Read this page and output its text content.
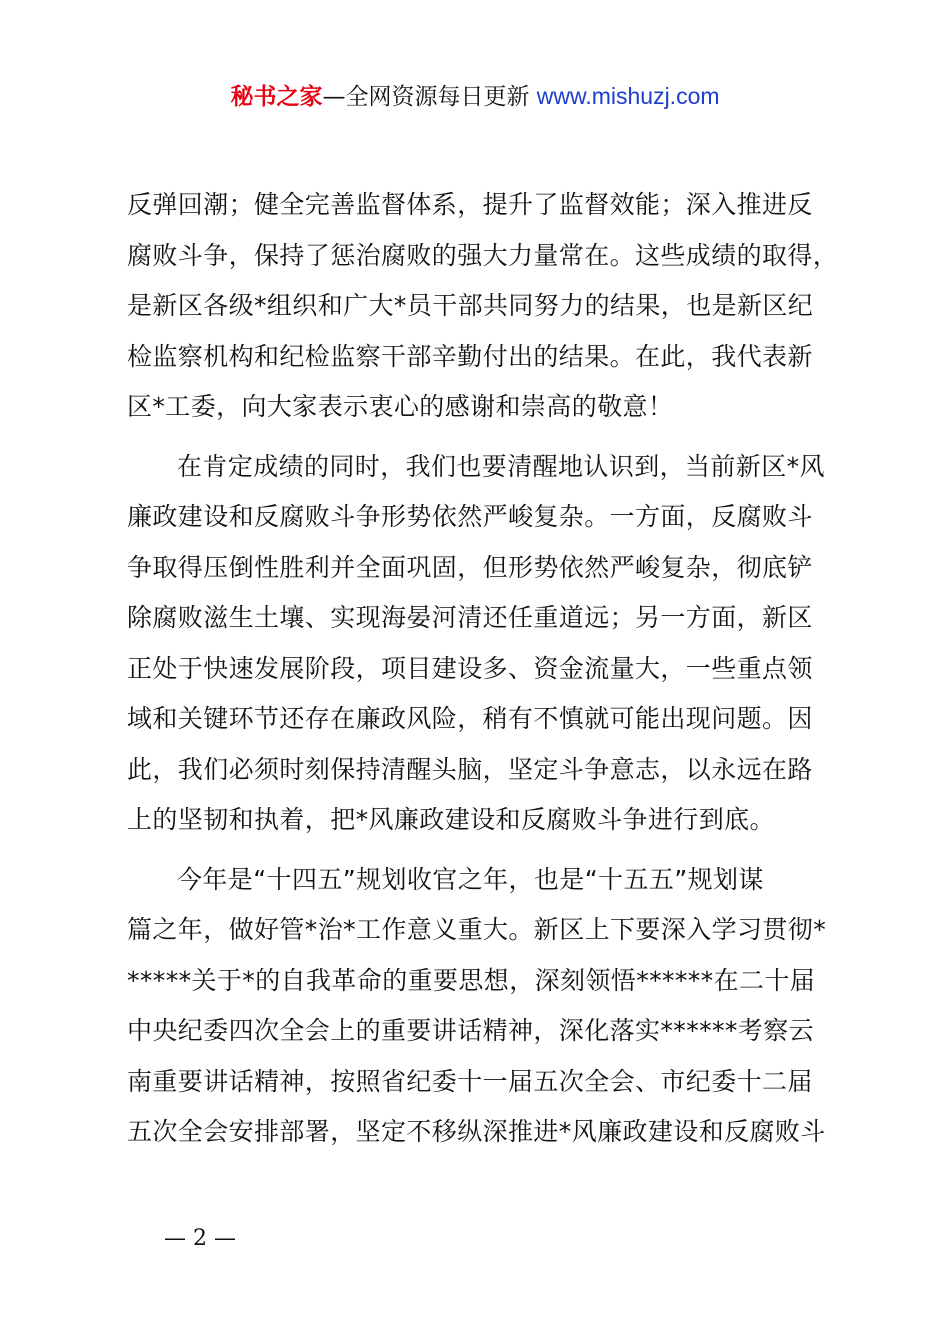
秘书之家—全网资源每日更新 www.mishuzj.com

反弹回潮；健全完善监督体系，提升了监督效能；深入推进反
腐败斗争，保持了惩治腐败的强大力量常在。这些成绩的取得，
是新区各级*组织和广大*员干部共同努力的结果，也是新区纪
检监察机构和纪检监察干部辛勤付出的结果。在此，我代表新
区*工委，向大家表示衷心的感谢和崇高的敬意！

在肯定成绩的同时，我们也要清醒地认识到，当前新区*风
廉政建设和反腐败斗争形势依然严峻复杂。一方面，反腐败斗
争取得压倒性胜利并全面巩固，但形势依然严峻复杂，彻底铲
除腐败滋生土壤、实现海晏河清还任重道远；另一方面，新区
正处于快速发展阶段，项目建设多、资金流量大，一些重点领
域和关键环节还存在廉政风险，稍有不慎就可能出现问题。因
此，我们必须时刻保持清醒头脑，坚定斗争意志，以永远在路
上的坚韧和执着，把*风廉政建设和反腐败斗争进行到底。

今年是“十四五”规划收官之年，也是“十五五”规划谋
篇之年，做好管*治*工作意义重大。新区上下要深入学习贯彻*
*****关于*的自我革命的重要思想，深刻领悟******在二十届
中央纪委四次全会上的重要讲话精神，深化落实******考察云
南重要讲话精神，按照省纪委十一届五次全会、市纪委十二届
五次全会安排部署，坚定不移纵深推进*风廉政建设和反腐败斗

— 2 —
